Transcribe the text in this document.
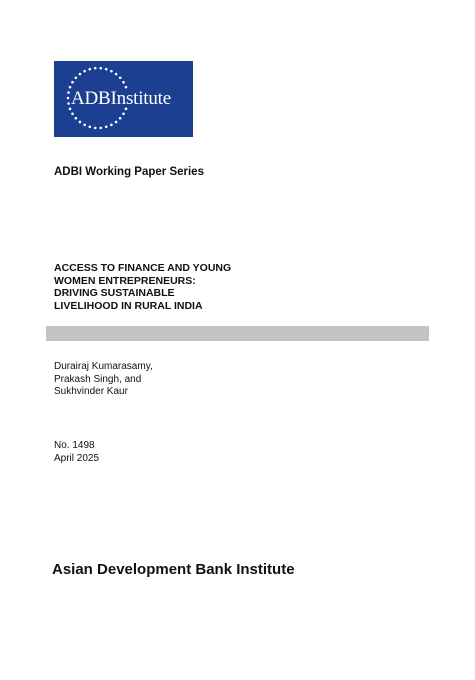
ADBInstitute
ADBI Working Paper Series
ACCESS TO FINANCE AND YOUNG
WOMEN ENTREPRENEURS:
DRIVING SUSTAINABLE
LIVELIHOOD IN RURAL INDIA
Durairaj Kumarasamy,
Prakash Singh, and
Sukhvinder Kaur
No. 1498
April 2025
Asian Development Bank Institute
